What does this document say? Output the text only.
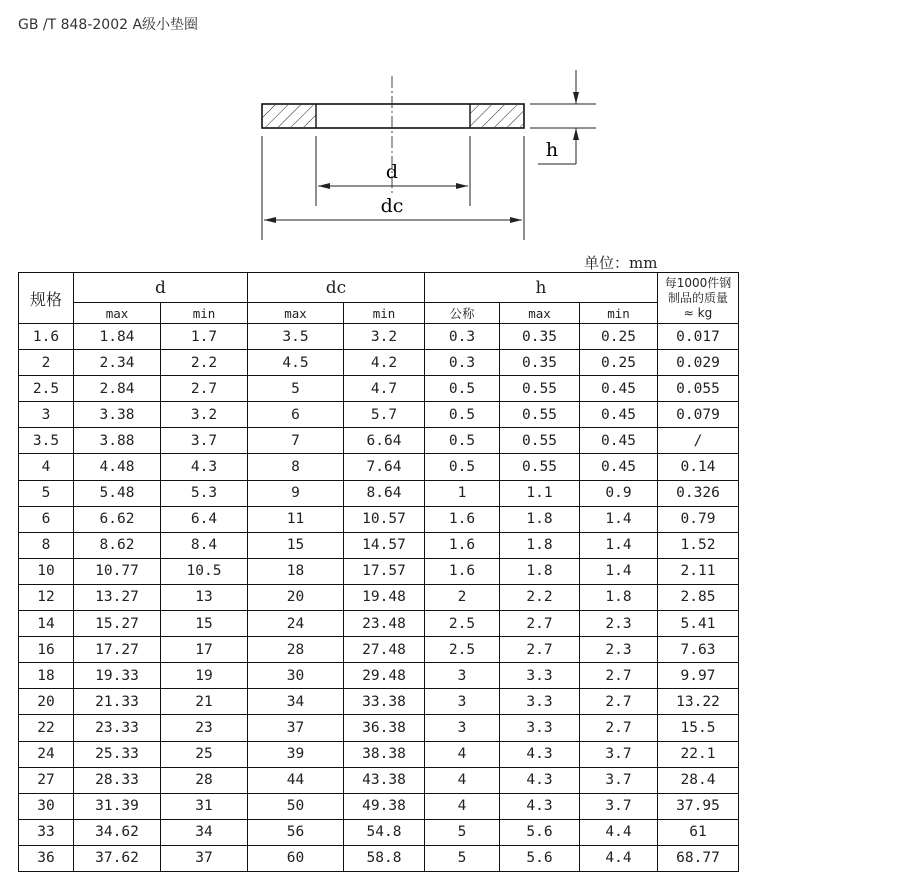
GB /T 848-2002 A级小垫圈
d
dc
h
单位：mm
规格	d		dc		h			每1000件钢
制品的质量
≈ kg

	max	min	max	min	公称	max	min	
1.6	1.84	1.7	3.5	3.2	0.3	0.35	0.25	0.017
2	2.34	2.2	4.5	4.2	0.3	0.35	0.25	0.029
2.5	2.84	2.7	5	4.7	0.5	0.55	0.45	0.055
3	3.38	3.2	6	5.7	0.5	0.55	0.45	0.079
3.5	3.88	3.7	7	6.64	0.5	0.55	0.45	/
4	4.48	4.3	8	7.64	0.5	0.55	0.45	0.14
5	5.48	5.3	9	8.64	1	1.1	0.9	0.326
6	6.62	6.4	11	10.57	1.6	1.8	1.4	0.79
8	8.62	8.4	15	14.57	1.6	1.8	1.4	1.52
10	10.77	10.5	18	17.57	1.6	1.8	1.4	2.11
12	13.27	13	20	19.48	2	2.2	1.8	2.85
14	15.27	15	24	23.48	2.5	2.7	2.3	5.41
16	17.27	17	28	27.48	2.5	2.7	2.3	7.63
18	19.33	19	30	29.48	3	3.3	2.7	9.97
20	21.33	21	34	33.38	3	3.3	2.7	13.22
22	23.33	23	37	36.38	3	3.3	2.7	15.5
24	25.33	25	39	38.38	4	4.3	3.7	22.1
27	28.33	28	44	43.38	4	4.3	3.7	28.4
30	31.39	31	50	49.38	4	4.3	3.7	37.95
33	34.62	34	56	54.8	5	5.6	4.4	61
36	37.62	37	60	58.8	5	5.6	4.4	68.77
